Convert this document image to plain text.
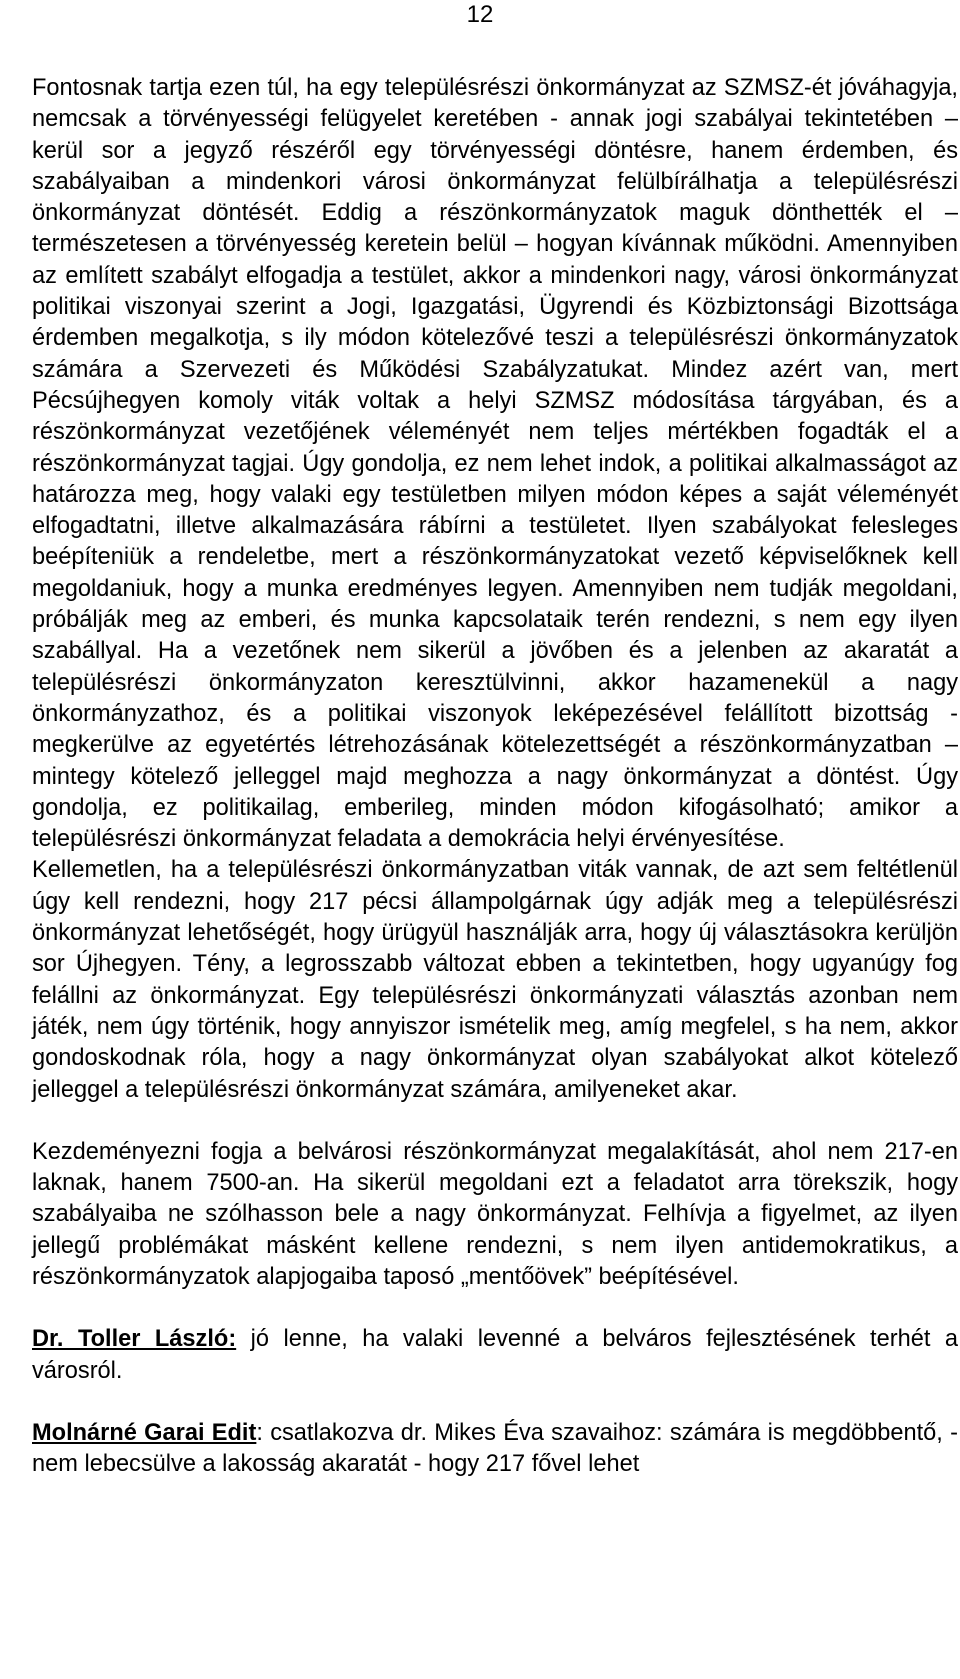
12

Fontosnak tartja ezen túl, ha egy településrészi önkormányzat az SZMSZ-ét jóváhagyja, nemcsak a törvényességi felügyelet keretében - annak jogi szabályai tekintetében – kerül sor a jegyző részéről egy törvényességi döntésre, hanem érdemben, és szabályaiban a mindenkori városi önkormányzat felülbírálhatja a településrészi önkormányzat döntését. Eddig a részönkormányzatok maguk dönthették el – természetesen a törvényesség keretein belül – hogyan kívánnak működni. Amennyiben az említett szabályt elfogadja a testület, akkor a mindenkori nagy, városi önkormányzat politikai viszonyai szerint a Jogi, Igazgatási, Ügyrendi és Közbiztonsági Bizottsága érdemben megalkotja, s ily módon kötelezővé teszi a településrészi önkormányzatok számára a Szervezeti és Működési Szabályzatukat. Mindez azért van, mert Pécsújhegyen komoly viták voltak a helyi SZMSZ módosítása tárgyában, és a részönkormányzat vezetőjének véleményét nem teljes mértékben fogadták el a részönkormányzat tagjai. Úgy gondolja, ez nem lehet indok, a politikai alkalmasságot az határozza meg, hogy valaki egy testületben milyen módon képes a saját véleményét elfogadtatni, illetve alkalmazására rábírni a testületet. Ilyen szabályokat felesleges beépíteniük a rendeletbe, mert a részönkormányzatokat vezető képviselőknek kell megoldaniuk, hogy a munka eredményes legyen. Amennyiben nem tudják megoldani, próbálják meg az emberi, és munka kapcsolataik terén rendezni, s nem egy ilyen szabállyal. Ha a vezetőnek nem sikerül a jövőben és a jelenben az akaratát a településrészi önkormányzaton keresztülvinni, akkor hazamenekül a nagy önkormányzathoz, és a politikai viszonyok leképezésével felállított bizottság - megkerülve az egyetértés létrehozásának kötelezettségét a részönkormányzatban – mintegy kötelező jelleggel majd meghozza a nagy önkormányzat a döntést. Úgy gondolja, ez politikailag, emberileg, minden módon kifogásolható; amikor a településrészi önkormányzat feladata a demokrácia helyi érvényesítése.

Kellemetlen, ha a településrészi önkormányzatban viták vannak, de azt sem feltétlenül úgy kell rendezni, hogy 217 pécsi állampolgárnak úgy adják meg a településrészi önkormányzat lehetőségét, hogy ürügyül használják arra, hogy új választásokra kerüljön sor Újhegyen. Tény, a legrosszabb változat ebben a tekintetben, hogy ugyanúgy fog felállni az önkormányzat. Egy településrészi önkormányzati választás azonban nem játék, nem úgy történik, hogy annyiszor ismételik meg, amíg megfelel, s ha nem, akkor gondoskodnak róla, hogy a nagy önkormányzat olyan szabályokat alkot kötelező jelleggel a településrészi önkormányzat számára, amilyeneket akar.

Kezdeményezni fogja a belvárosi részönkormányzat megalakítását, ahol nem 217-en laknak, hanem 7500-an. Ha sikerül megoldani ezt a feladatot arra törekszik, hogy szabályaiba ne szólhasson bele a nagy önkormányzat. Felhívja a figyelmet, az ilyen jellegű problémákat másként kellene rendezni, s nem ilyen antidemokratikus, a részönkormányzatok alapjogaiba taposó „mentőövek” beépítésével.

Dr. Toller László: jó lenne, ha valaki levenné a belváros fejlesztésének terhét a városról.

Molnárné Garai Edit: csatlakozva dr. Mikes Éva szavaihoz: számára is megdöbbentő, - nem lebecsülve a lakosság akaratát - hogy 217 fővel lehet
